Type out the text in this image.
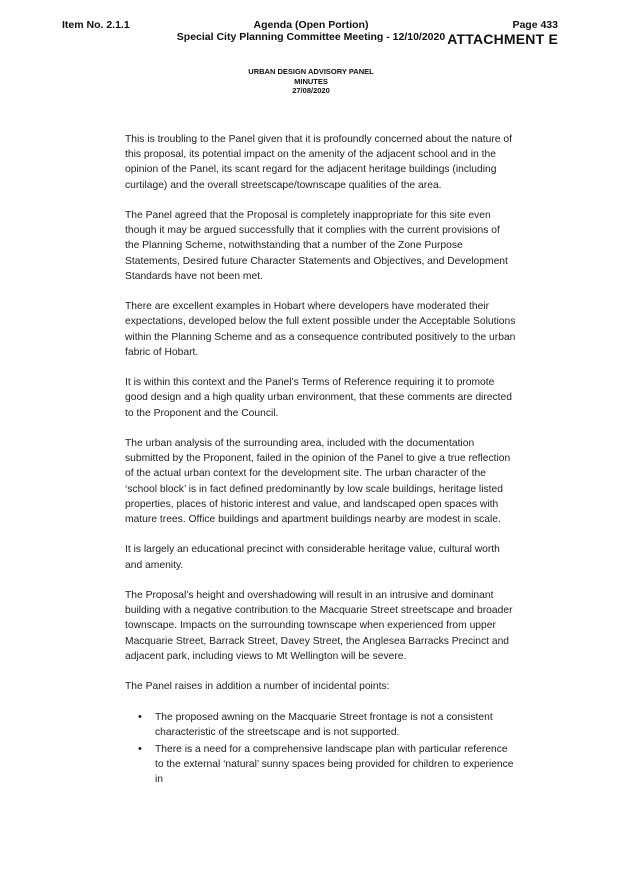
Item No. 2.1.1	Agenda (Open Portion)
Special City Planning Committee Meeting - 12/10/2020
Page 433
ATTACHMENT E
URBAN DESIGN ADVISORY PANEL
MINUTES
27/08/2020

This is troubling to the Panel given that it is profoundly concerned about the nature of this proposal, its potential impact on the amenity of the adjacent school and in the opinion of the Panel, its scant regard for the adjacent heritage buildings (including curtilage) and the overall streetscape/townscape qualities of the area.

The Panel agreed that the Proposal is completely inappropriate for this site even though it may be argued successfully that it complies with the current provisions of the Planning Scheme, notwithstanding that a number of the Zone Purpose Statements, Desired future Character Statements and Objectives, and Development Standards have not been met.

There are excellent examples in Hobart where developers have moderated their expectations, developed below the full extent possible under the Acceptable Solutions within the Planning Scheme and as a consequence contributed positively to the urban fabric of Hobart.

It is within this context and the Panel’s Terms of Reference requiring it to promote good design and a high quality urban environment, that these comments are directed to the Proponent and the Council.

The urban analysis of the surrounding area, included with the documentation submitted by the Proponent, failed in the opinion of the Panel to give a true reflection of the actual urban context for the development site. The urban character of the ‘school block’ is in fact defined predominantly by low scale buildings, heritage listed properties, places of historic interest and value, and landscaped open spaces with mature trees. Office buildings and apartment buildings nearby are modest in scale.

It is largely an educational precinct with considerable heritage value, cultural worth and amenity.

The Proposal’s height and overshadowing will result in an intrusive and dominant building with a negative contribution to the Macquarie Street streetscape and broader townscape. Impacts on the surrounding townscape when experienced from upper Macquarie Street, Barrack Street, Davey Street, the Anglesea Barracks Precinct and adjacent park, including views to Mt Wellington will be severe.

The Panel raises in addition a number of incidental points:

• The proposed awning on the Macquarie Street frontage is not a consistent characteristic of the streetscape and is not supported.
• There is a need for a comprehensive landscape plan with particular reference to the external ‘natural’ sunny spaces being provided for children to experience in
